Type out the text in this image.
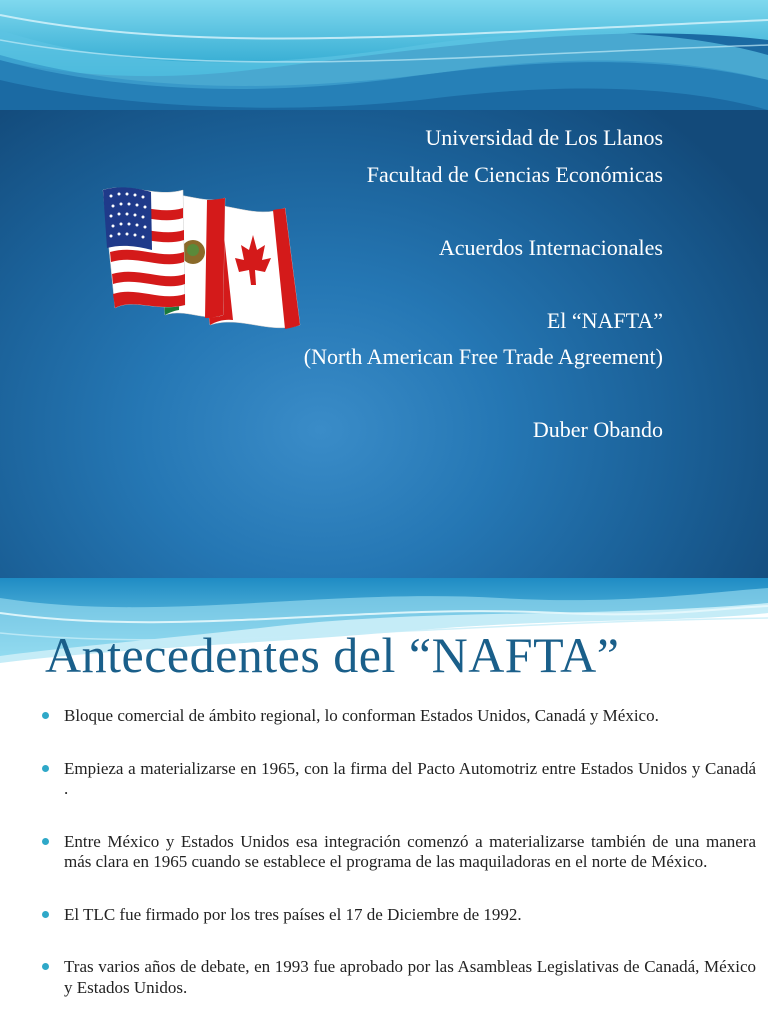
Universidad de Los Llanos
Facultad de Ciencias Económicas
Acuerdos Internacionales
El “NAFTA”
(North American Free Trade Agreement)
Duber Obando
Antecedentes del “NAFTA”
Bloque comercial de ámbito regional, lo conforman Estados Unidos, Canadá y México.
Empieza a materializarse en 1965, con la firma del Pacto Automotriz entre Estados Unidos y Canadá .
Entre México y Estados Unidos esa integración comenzó a materializarse también de una manera más clara en 1965 cuando se establece el programa de las maquiladoras en el norte de México.
El TLC fue firmado por los tres países el 17 de Diciembre de 1992.
Tras varios años de debate, en 1993 fue aprobado por las Asambleas Legislativas de Canadá, México y Estados Unidos.
